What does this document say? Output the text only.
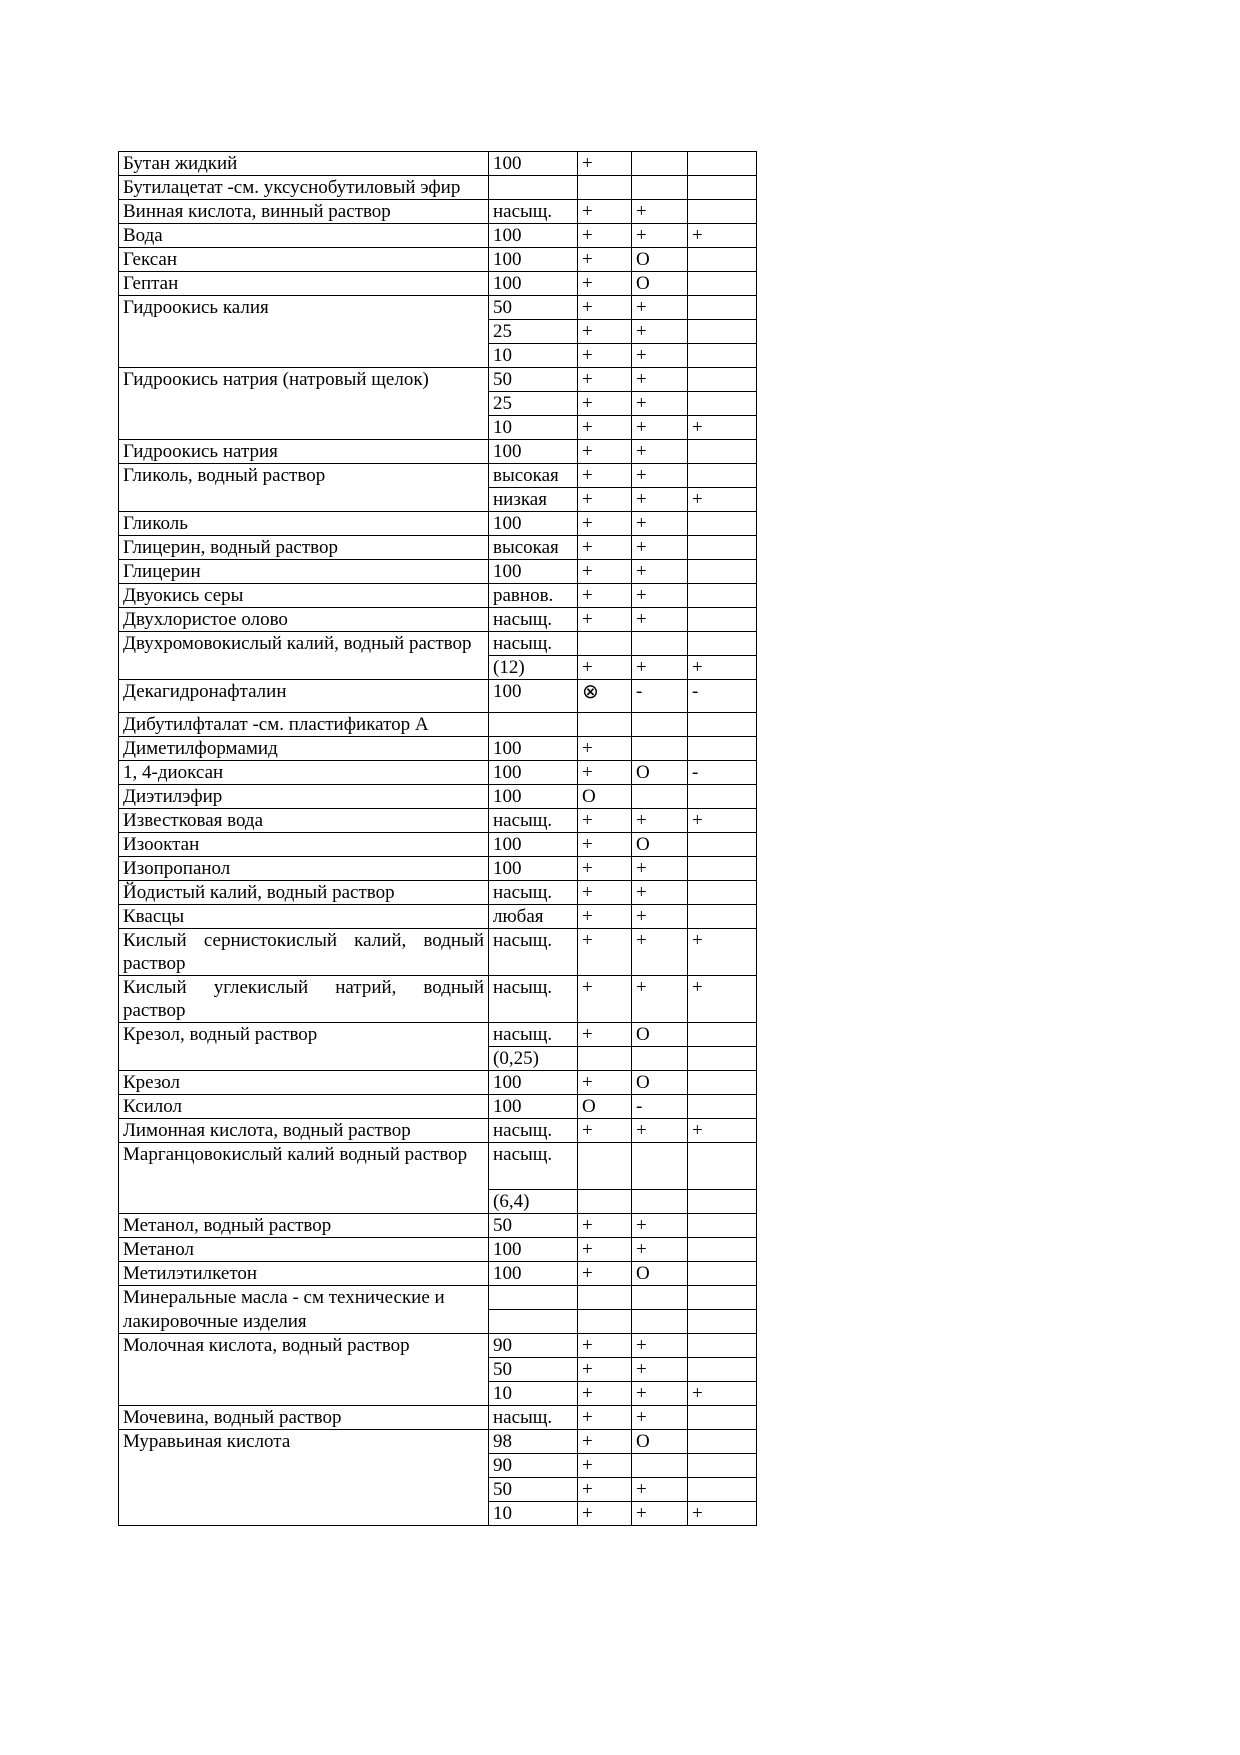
Бутан жидкий	100	+		
Бутилацетат -см. уксуснобутиловый эфир				
Винная кислота, винный раствор	насыщ.	+	+	
Вода	100	+	+	+
Гексан	100	+	О	
Гептан	100	+	О	
Гидроокись калия	50	+	+	
	25	+	+	
	10	+	+	
Гидроокись натрия (натровый щелок)	50	+	+	
	25	+	+	
	10	+	+	+
Гидроокись натрия	100	+	+	
Гликоль, водный раствор	высокая	+	+	
	низкая	+	+	+
Гликоль	100	+	+	
Глицерин, водный раствор	высокая	+	+	
Глицерин	100	+	+	
Двуокись серы	равнов.	+	+	
Двухлористое олово	насыщ.	+	+	
Двухромовокислый калий, водный раствор	насыщ.			
	(12)	+	+	+
Декагидронафталин	100	⊗	-	-
Дибутилфталат -см. пластификатор А				
Диметилформамид	100	+		
1, 4-диоксан	100	+	О	-
Диэтилэфир	100	О		
Известковая вода	насыщ.	+	+	+
Изооктан	100	+	О	
Изопропанол	100	+	+	
Йодистый калий, водный раствор	насыщ.	+	+	
Квасцы	любая	+	+	
Кислый сернистокислый калий, водный раствор	насыщ.	+	+	+
Кислый углекислый натрий, водный раствор	насыщ.	+	+	+
Крезол, водный раствор	насыщ.	+	О	
	(0,25)			
Крезол	100	+	О	
Ксилол	100	О	-	
Лимонная кислота, водный раствор	насыщ.	+	+	+
Марганцовокислый калий водный раствор	насыщ.			
	(6,4)			
Метанол, водный раствор	50	+	+	
Метанол	100	+	+	
Метилэтилкетон	100	+	О	
Минеральные масла - см технические и				
лакировочные изделия				
Молочная кислота, водный раствор	90	+	+	
	50	+	+	
	10	+	+	+
Мочевина, водный раствор	насыщ.	+	+	
Муравьиная кислота	98	+	О	
	90	+		
	50	+	+	
	10	+	+	+
